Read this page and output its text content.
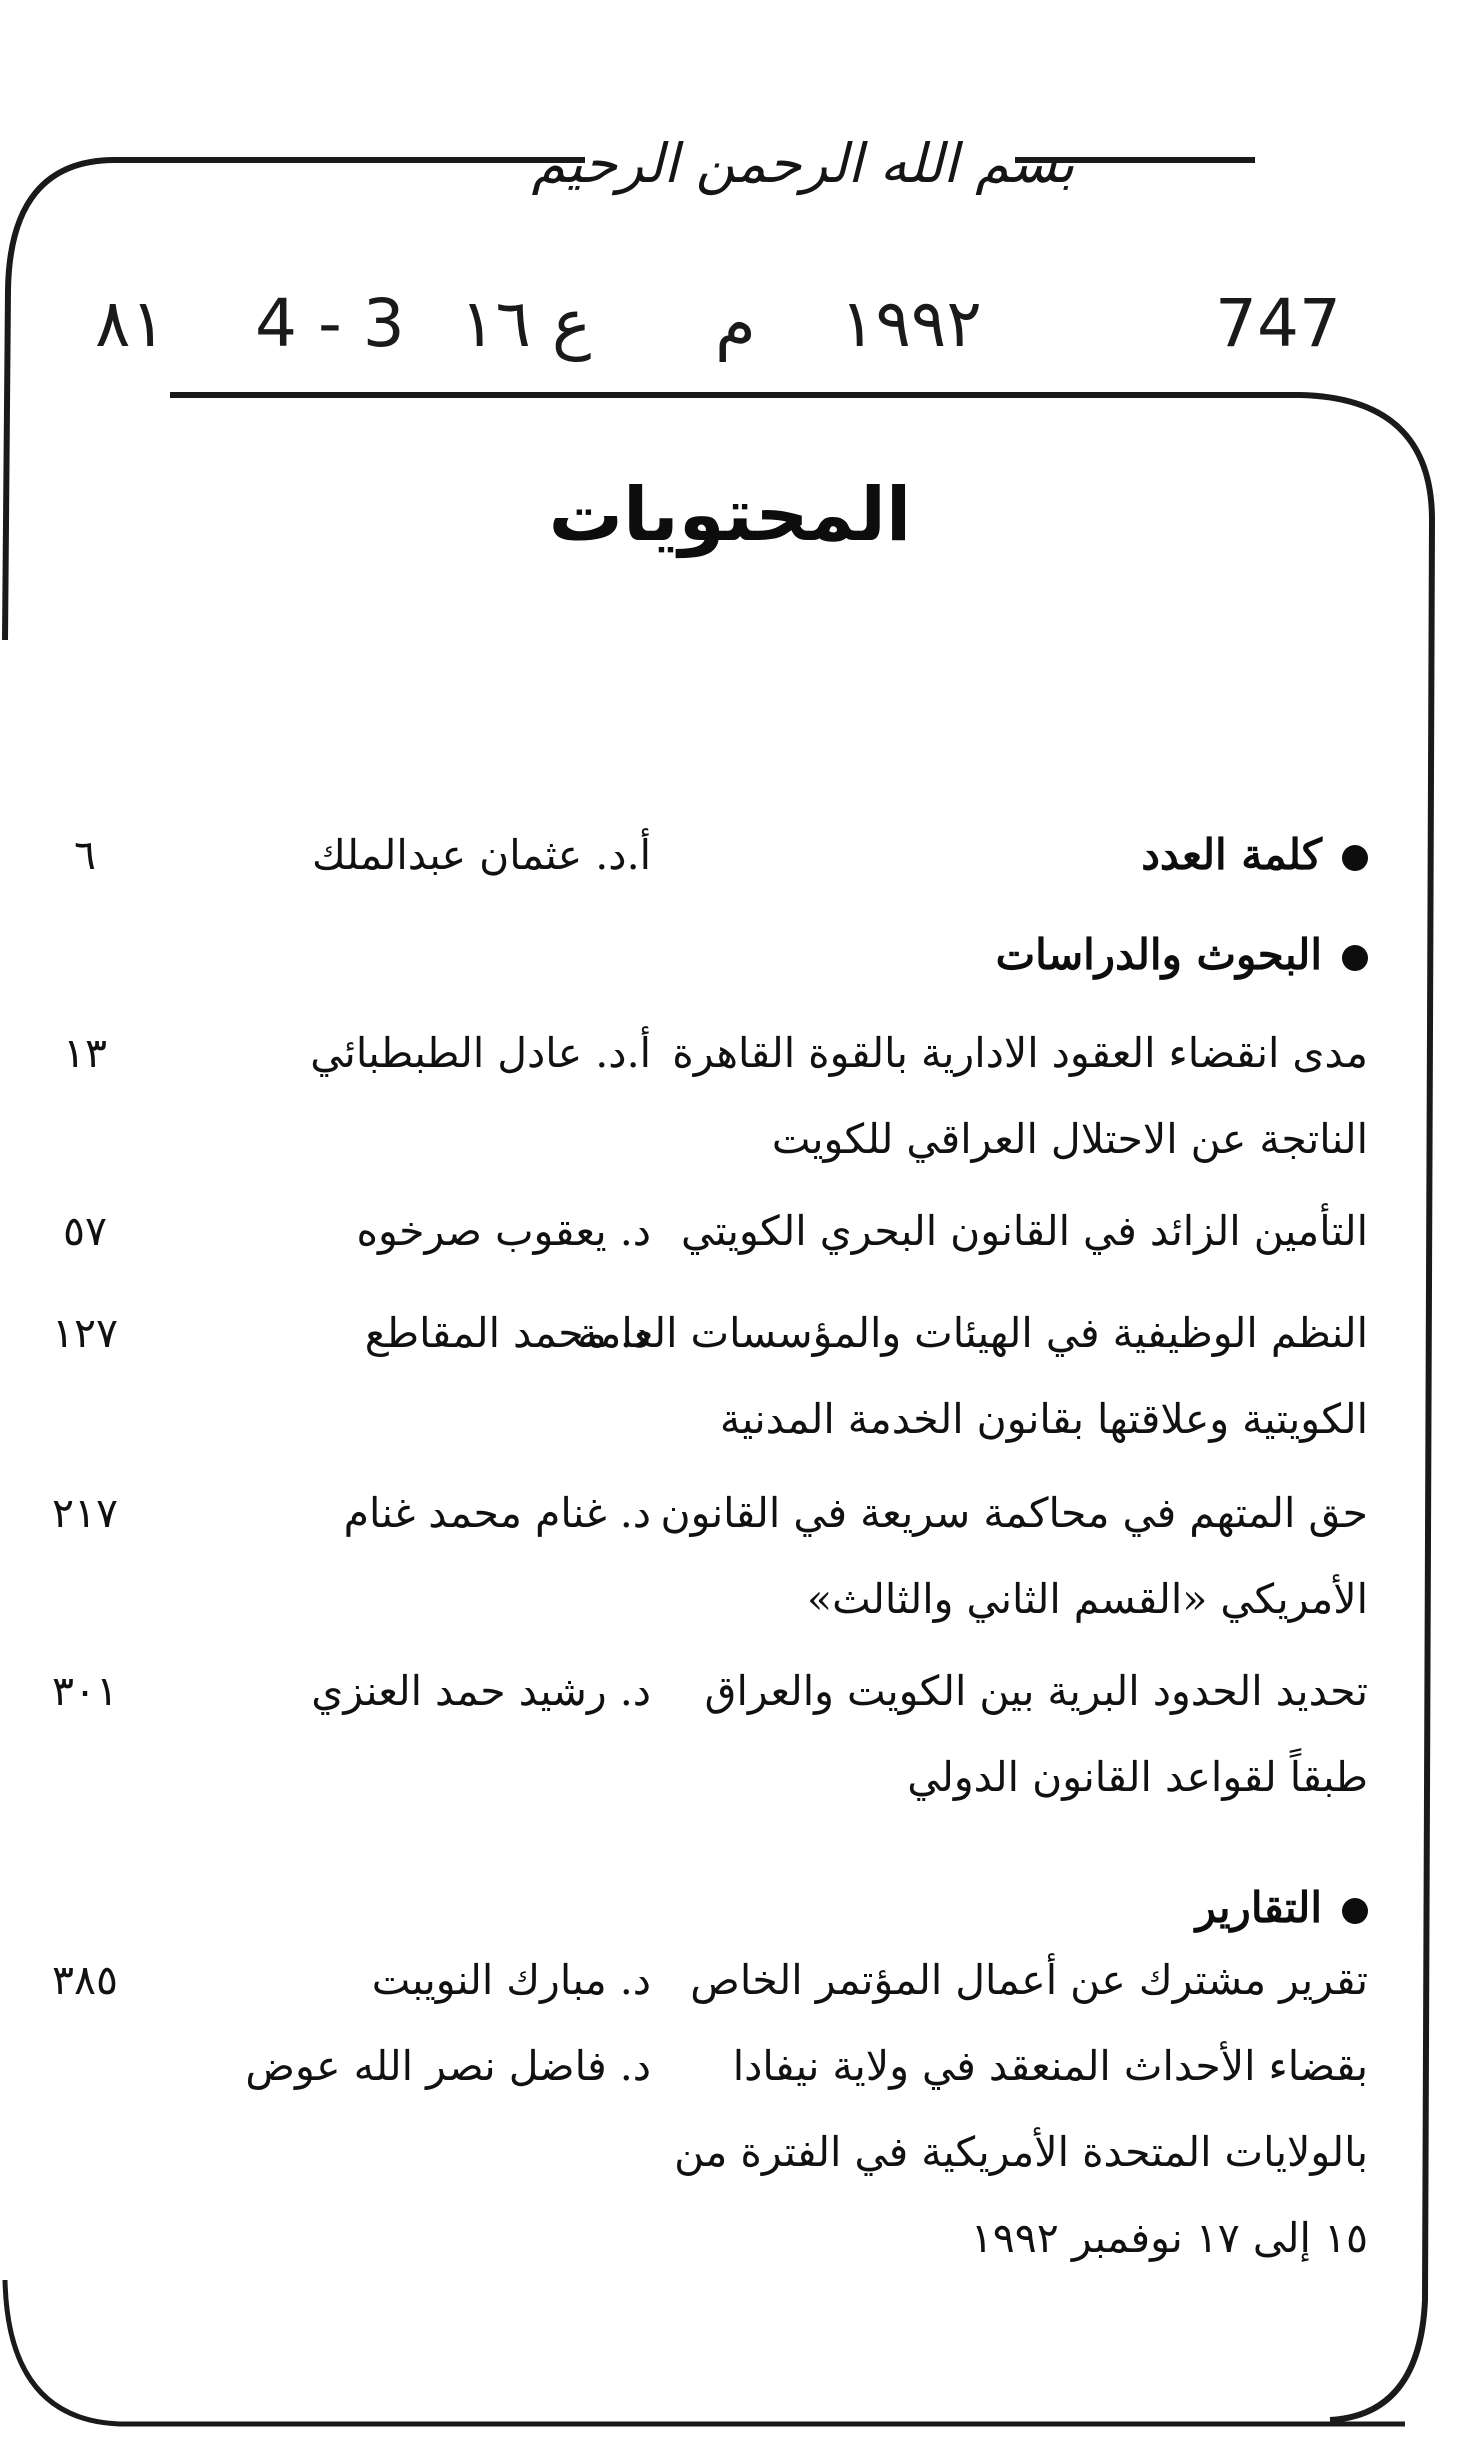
بسم الله الرحمن الرحيم
٨١ 4 - 3 ع ١٦ م ١٩٩٢	747
المحتويات
كلمة العدد
أ.د. عثمان عبدالملك
٦
البحوث والدراسات
مدى انقضاء العقود الادارية بالقوة القاهرة
الناتجة عن الاحتلال العراقي للكويت
أ.د. عادل الطبطبائي
١٣
التأمين الزائد في القانون البحري الكويتي
د. يعقوب صرخوه
٥٧
النظم الوظيفية في الهيئات والمؤسسات العامة
الكويتية وعلاقتها بقانون الخدمة المدنية
د. محمد المقاطع
١٢٧
حق المتهم في محاكمة سريعة في القانون
الأمريكي «القسم الثاني والثالث»
د. غنام محمد غنام
٢١٧
تحديد الحدود البرية بين الكويت والعراق
طبقاً لقواعد القانون الدولي
د. رشيد حمد العنزي
٣٠١
التقارير
تقرير مشترك عن أعمال المؤتمر الخاص
بقضاء الأحداث المنعقد في ولاية نيفادا
بالولايات المتحدة الأمريكية في الفترة من
١٥ إلى ١٧ نوفمبر ١٩٩٢
د. مبارك النويبت
د. فاضل نصر الله عوض
٣٨٥
